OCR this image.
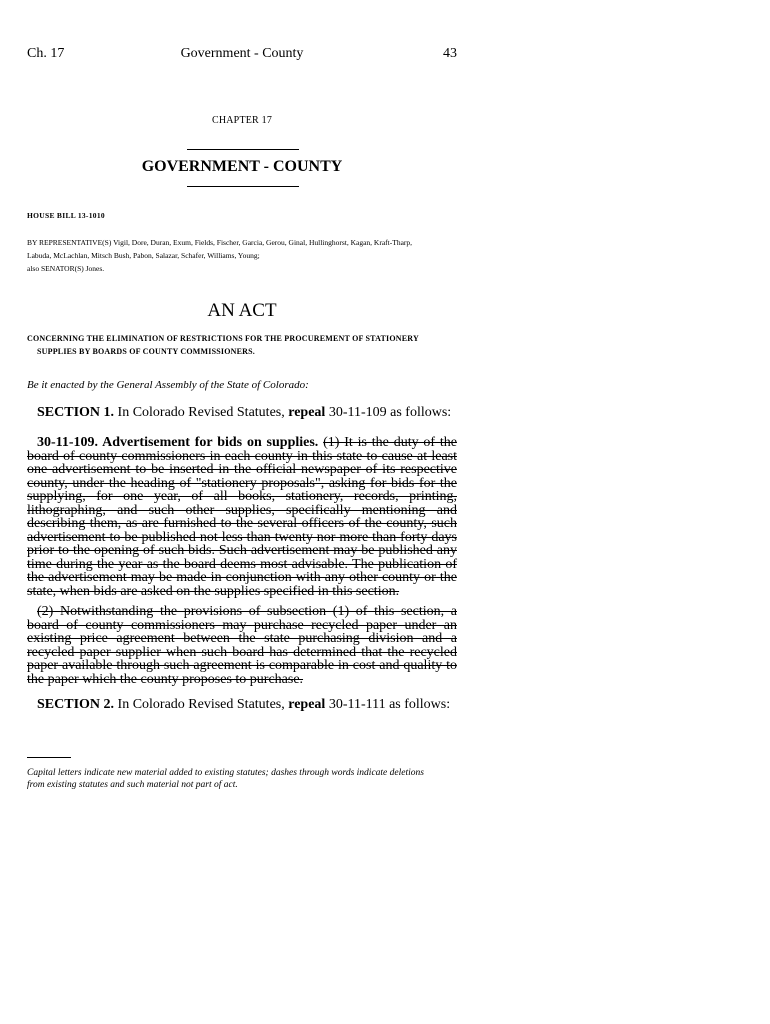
Ch. 17	Government - County	43
CHAPTER 17
GOVERNMENT - COUNTY
HOUSE BILL 13-1010
BY REPRESENTATIVE(S) Vigil, Dore, Duran, Exum, Fields, Fischer, Garcia, Gerou, Ginal, Hullinghorst, Kagan, Kraft-Tharp,
Labuda, McLachlan, Mitsch Bush, Pabon, Salazar, Schafer, Williams, Young;
also SENATOR(S) Jones.
AN ACT
CONCERNING THE ELIMINATION OF RESTRICTIONS FOR THE PROCUREMENT OF STATIONERY
SUPPLIES BY BOARDS OF COUNTY COMMISSIONERS.
Be it enacted by the General Assembly of the State of Colorado:
SECTION 1. In Colorado Revised Statutes, repeal 30-11-109 as follows:
30-11-109. Advertisement for bids on supplies. (1) It is the duty of the board of county commissioners in each county in this state to cause at least one advertisement to be inserted in the official newspaper of its respective county, under the heading of "stationery proposals", asking for bids for the supplying, for one year, of all books, stationery, records, printing, lithographing, and such other supplies, specifically mentioning and describing them, as are furnished to the several officers of the county, such advertisement to be published not less than twenty nor more than forty days prior to the opening of such bids. Such advertisement may be published any time during the year as the board deems most advisable. The publication of the advertisement may be made in conjunction with any other county or the state, when bids are asked on the supplies specified in this section.
(2) Notwithstanding the provisions of subsection (1) of this section, a board of county commissioners may purchase recycled paper under an existing price agreement between the state purchasing division and a recycled paper supplier when such board has determined that the recycled paper available through such agreement is comparable in cost and quality to the paper which the county proposes to purchase.
SECTION 2. In Colorado Revised Statutes, repeal 30-11-111 as follows:
Capital letters indicate new material added to existing statutes; dashes through words indicate deletions
from existing statutes and such material not part of act.
